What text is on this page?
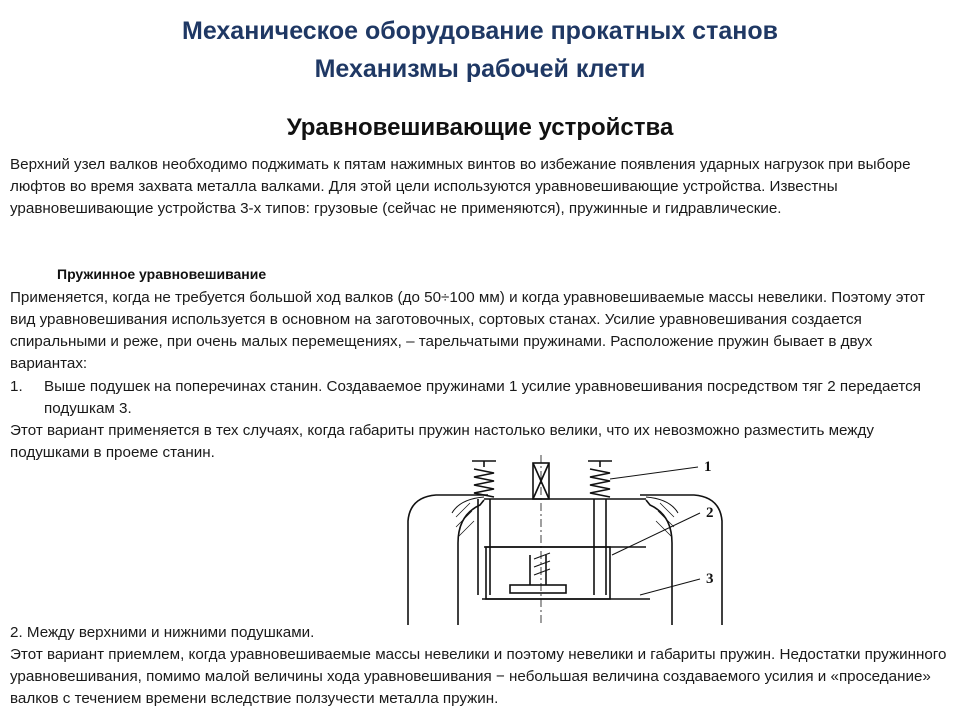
Механическое оборудование прокатных станов
Механизмы рабочей клети
Уравновешивающие устройства

Верхний узел валков необходимо поджимать к пятам нажимных винтов во избежание появления ударных нагрузок при выборе люфтов во время захвата металла валками. Для этой цели используются уравновешивающие устройства. Известны уравновешивающие устройства 3-х типов: грузовые (сейчас не применяются), пружинные и гидравлические.

Пружинное уравновешивание

Применяется, когда не требуется большой ход валков (до 50÷100 мм) и когда уравновешиваемые массы невелики. Поэтому этот вид уравновешивания используется в основном на заготовочных, сортовых станах. Усилие уравновешивания создается спиральными и реже, при очень малых перемещениях, – тарельчатыми пружинами. Расположение пружин бывает в двух вариантах:

1.	Выше подушек на поперечинах станин. Создаваемое пружинами 1 усилие уравновешивания посредством тяг 2 передается подушкам 3.

Этот вариант применяется в тех случаях, когда габариты пружин настолько велики, что их невозможно разместить между подушками в проеме станин.

1
2
3
2. Между верхними и нижними подушками.

Этот вариант приемлем, когда уравновешиваемые массы невелики и поэтому невелики и габариты пружин. Недостатки пружинного уравновешивания, помимо малой величины хода уравновешивания − небольшая величина создаваемого усилия и «проседание» валков с течением времени вследствие ползучести металла пружин.
